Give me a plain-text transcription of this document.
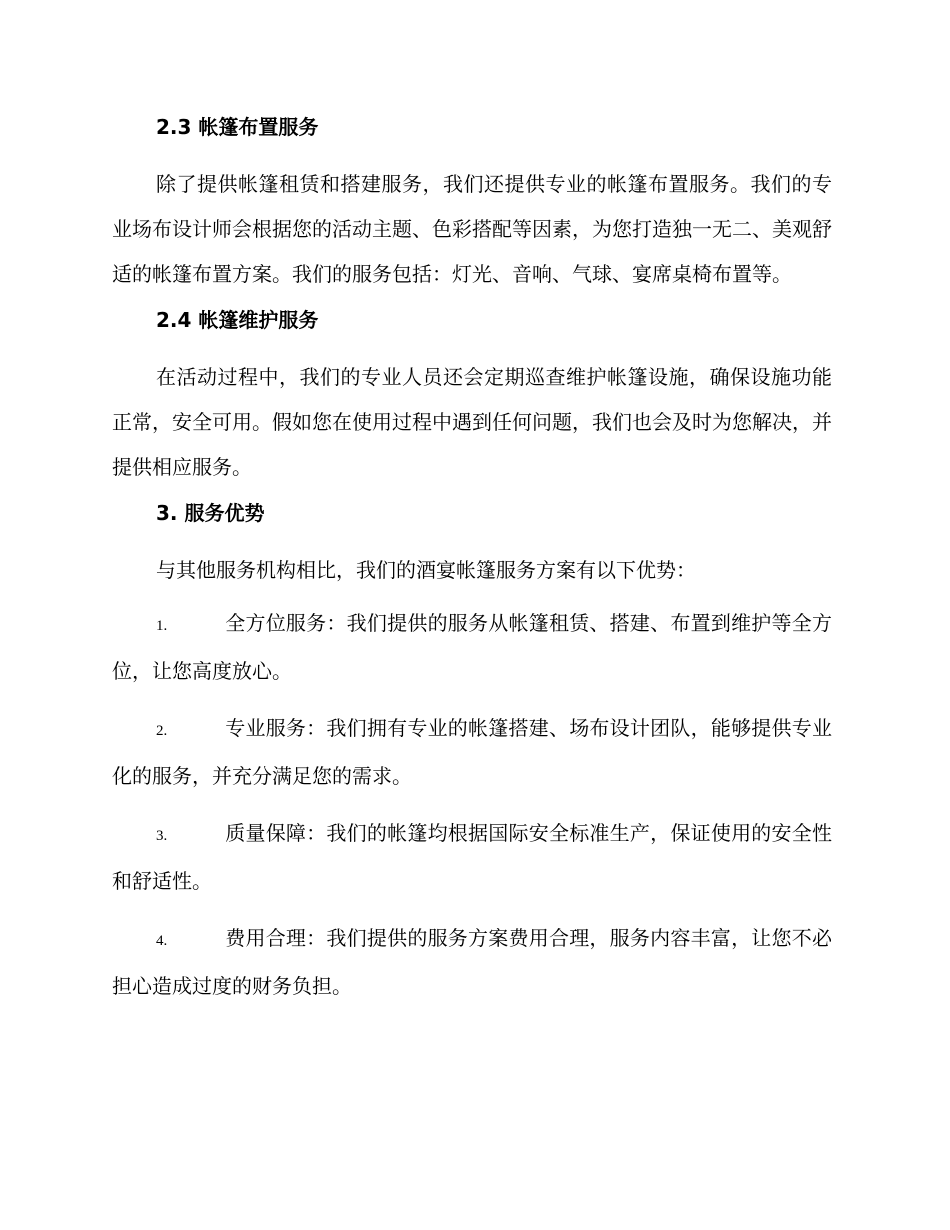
2.3 帐篷布置服务

除了提供帐篷租赁和搭建服务，我们还提供专业的帐篷布置服务。我们的专业场布设计师会根据您的活动主题、色彩搭配等因素，为您打造独一无二、美观舒适的帐篷布置方案。我们的服务包括：灯光、音响、气球、宴席桌椅布置等。

2.4 帐篷维护服务

在活动过程中，我们的专业人员还会定期巡查维护帐篷设施，确保设施功能正常，安全可用。假如您在使用过程中遇到任何问题，我们也会及时为您解决，并提供相应服务。

3. 服务优势

与其他服务机构相比，我们的酒宴帐篷服务方案有以下优势：

1.	全方位服务：我们提供的服务从帐篷租赁、搭建、布置到维护等全方位，让您高度放心。

2.	专业服务：我们拥有专业的帐篷搭建、场布设计团队，能够提供专业化的服务，并充分满足您的需求。

3.	质量保障：我们的帐篷均根据国际安全标准生产，保证使用的安全性和舒适性。

4.	费用合理：我们提供的服务方案费用合理，服务内容丰富，让您不必担心造成过度的财务负担。
